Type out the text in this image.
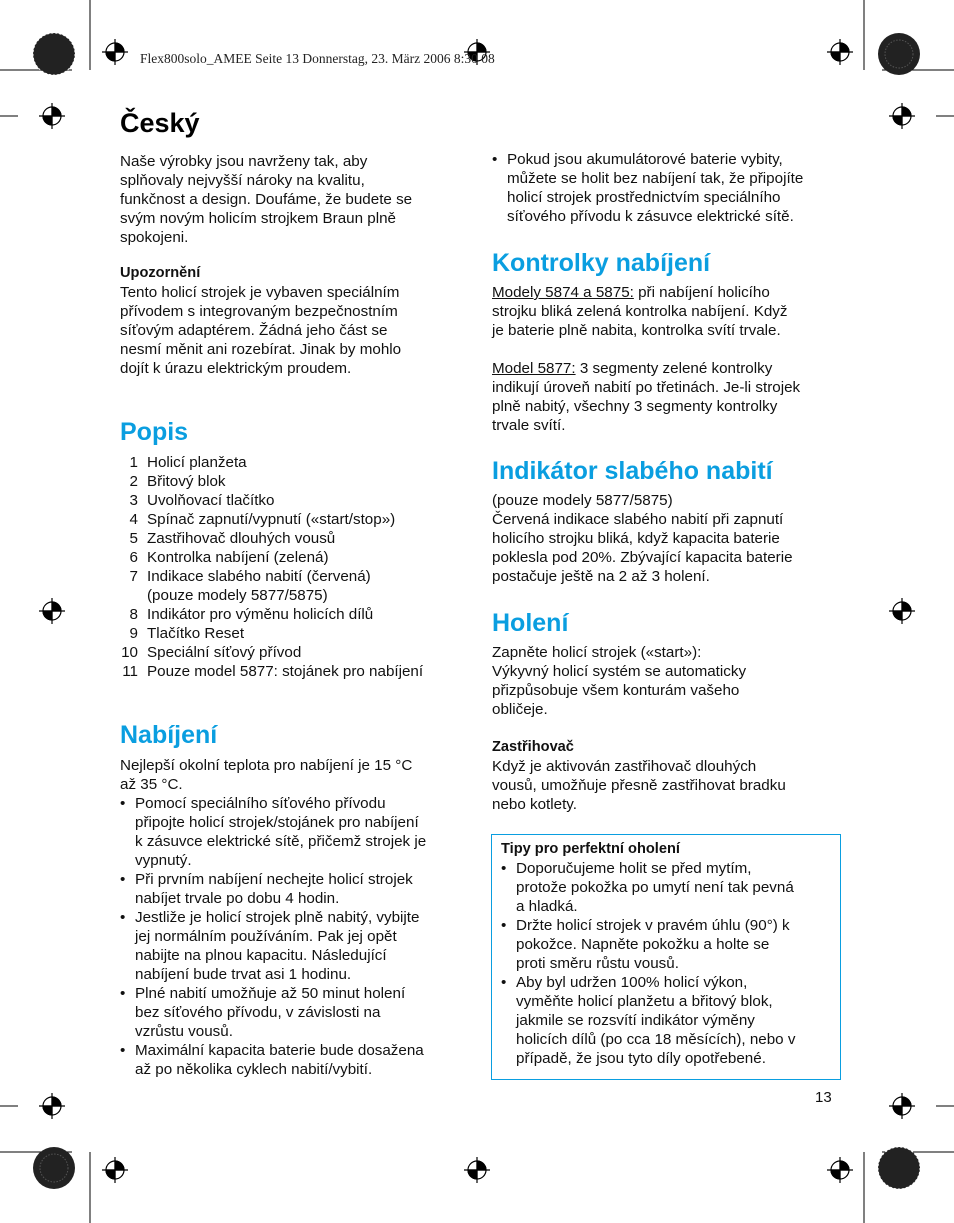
Flex800solo_AMEE Seite 13 Donnerstag, 23. März 2006 8:30 08
Český

Naše výrobky jsou navrženy tak, aby

splňovaly nejvyšší nároky na kvalitu,

funkčnost a design. Doufáme, že budete se

svým novým holicím strojkem Braun plně

spokojeni.

Upozornění

Tento holicí strojek je vybaven speciálním

přívodem s integrovaným bezpečnostním

síťovým adaptérem. Žádná jeho část se

nesmí měnit ani rozebírat. Jinak by mohlo

dojít k úrazu elektrickým proudem.

Popis
1 Holicí planžeta
2 Břitový blok
3 Uvolňovací tlačítko
4 Spínač zapnutí/vypnutí («start/stop»)
5 Zastřihovač dlouhých vousů
6 Kontrolka nabíjení (zelená)
7 Indikace slabého nabití (červená)
(pouze modely 5877/5875)
8 Indikátor pro výměnu holicích dílů
9 Tlačítko Reset
10 Speciální síťový přívod
11 Pouze model 5877: stojánek pro nabíjení
Nabíjení

Nejlepší okolní teplota pro nabíjení je 15 °C

až 35 °C.

• Pomocí speciálního síťového přívodu
připojte holicí strojek/stojánek pro nabíjení
k zásuvce elektrické sítě, přičemž strojek je
vypnutý.
• Při prvním nabíjení nechejte holicí strojek
nabíjet trvale po dobu 4 hodin.
• Jestliže je holicí strojek plně nabitý, vybijte
jej normálním používáním. Pak jej opět
nabijte na plnou kapacitu. Následující
nabíjení bude trvat asi 1 hodinu.
• Plné nabití umožňuje až 50 minut holení
bez síťového přívodu, v závislosti na
vzrůstu vousů.
• Maximální kapacita baterie bude dosažena
až po několika cyklech nabití/vybití.
• Pokud jsou akumulátorové baterie vybity,
můžete se holit bez nabíjení tak, že připojíte
holicí strojek prostřednictvím speciálního
síťového přívodu k zásuvce elektrické sítě.
Kontrolky nabíjení

Modely 5874 a 5875: při nabíjení holicího

strojku bliká zelená kontrolka nabíjení. Když

je baterie plně nabita, kontrolka svítí trvale.

Model 5877: 3 segmenty zelené kontrolky

indikují úroveň nabití po třetinách. Je-li strojek

plně nabitý, všechny 3 segmenty kontrolky

trvale svítí.

Indikátor slabého nabití

(pouze modely 5877/5875)

Červená indikace slabého nabití při zapnutí

holicího strojku bliká, když kapacita baterie

poklesla pod 20%. Zbývající kapacita baterie

postačuje ještě na 2 až 3 holení.

Holení

Zapněte holicí strojek («start»):

Výkyvný holicí systém se automaticky

přizpůsobuje všem konturám vašeho

obličeje.

Zastřihovač

Když je aktivován zastřihovač dlouhých

vousů, umožňuje přesně zastřihovat bradku

nebo kotlety.

Tipy pro perfektní oholení
• Doporučujeme holit se před mytím,
protože pokožka po umytí není tak pevná
a hladká.
• Držte holicí strojek v pravém úhlu (90°) k
pokožce. Napněte pokožku a holte se
proti směru růstu vousů.
• Aby byl udržen 100% holicí výkon,
vyměňte holicí planžetu a břitový blok,
jakmile se rozsvítí indikátor výměny
holicích dílů (po cca 18 měsících), nebo v
případě, že jsou tyto díly opotřebené.
13
